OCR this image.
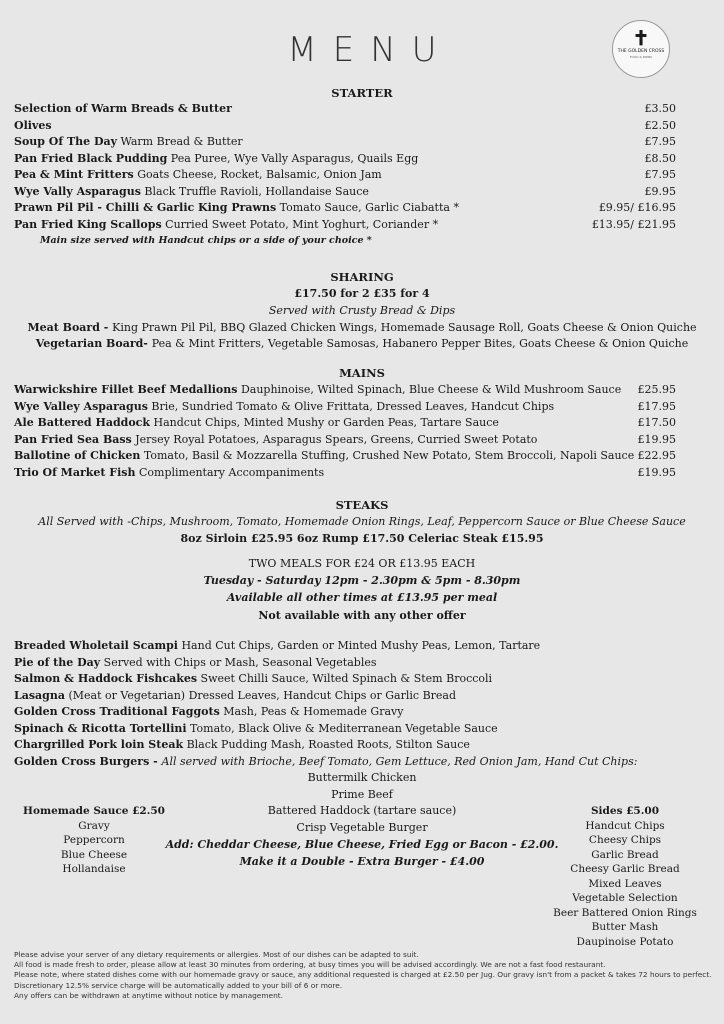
MENU	✝
THE GOLDEN CROSS
FOOD & DRINK
STARTER
Selection of Warm Breads & Butter	£3.50
Olives	£2.50
Soup Of The Day Warm Bread & Butter	£7.95
Pan Fried Black Pudding Pea Puree, Wye Vally Asparagus, Quails Egg	£8.50
Pea & Mint Fritters Goats Cheese, Rocket, Balsamic, Onion Jam	£7.95
Wye Vally Asparagus Black Truffle Ravioli, Hollandaise Sauce	£9.95
Prawn Pil Pil - Chilli & Garlic King Prawns Tomato Sauce, Garlic Ciabatta *	£9.95/ £16.95
Pan Fried King Scallops Curried Sweet Potato, Mint Yoghurt, Coriander *	£13.95/ £21.95
Main size served with Handcut chips or a side of your choice *
SHARING
£17.50 for 2 £35 for 4
Served with Crusty Bread & Dips
Meat Board - King Prawn Pil Pil, BBQ Glazed Chicken Wings, Homemade Sausage Roll, Goats Cheese & Onion Quiche
Vegetarian Board- Pea & Mint Fritters, Vegetable Samosas, Habanero Pepper Bites, Goats Cheese & Onion Quiche
MAINS
Warwickshire Fillet Beef Medallions Dauphinoise, Wilted Spinach, Blue Cheese & Wild Mushroom Sauce	£25.95
Wye Valley Asparagus Brie, Sundried Tomato & Olive Frittata, Dressed Leaves, Handcut Chips	£17.95
Ale Battered Haddock Handcut Chips, Minted Mushy or Garden Peas, Tartare Sauce	£17.50
Pan Fried Sea Bass Jersey Royal Potatoes, Asparagus Spears, Greens, Curried Sweet Potato	£19.95
Ballotine of Chicken Tomato, Basil & Mozzarella Stuffing, Crushed New Potato, Stem Broccoli, Napoli Sauce £22.95
Trio Of Market Fish Complimentary Accompaniments	£19.95
STEAKS
All Served with -Chips, Mushroom, Tomato, Homemade Onion Rings, Leaf, Peppercorn Sauce or Blue Cheese Sauce
8oz Sirloin £25.95 6oz Rump £17.50 Celeriac Steak £15.95
TWO MEALS FOR £24 OR £13.95 EACH
Tuesday - Saturday 12pm - 2.30pm & 5pm - 8.30pm
Available all other times at £13.95 per meal
Not available with any other offer
Breaded Wholetail Scampi Hand Cut Chips, Garden or Minted Mushy Peas, Lemon, Tartare
Pie of the Day Served with Chips or Mash, Seasonal Vegetables
Salmon & Haddock Fishcakes Sweet Chilli Sauce, Wilted Spinach & Stem Broccoli
Lasagna (Meat or Vegetarian) Dressed Leaves, Handcut Chips or Garlic Bread
Golden Cross Traditional Faggots Mash, Peas & Homemade Gravy
Spinach & Ricotta Tortellini Tomato, Black Olive & Mediterranean Vegetable Sauce
Chargrilled Pork loin Steak Black Pudding Mash, Roasted Roots, Stilton Sauce
Golden Cross Burgers - All served with Brioche, Beef Tomato, Gem Lettuce, Red Onion Jam, Hand Cut Chips:
Buttermilk Chicken
Prime Beef
Battered Haddock (tartare sauce)
Crisp Vegetable Burger
Add: Cheddar Cheese, Blue Cheese, Fried Egg or Bacon - £2.00.
Make it a Double - Extra Burger - £4.00
Homemade Sauce £2.50
Gravy
Peppercorn
Blue Cheese
Hollandaise
Sides £5.00
Handcut Chips
Cheesy Chips
Garlic Bread
Cheesy Garlic Bread
Mixed Leaves
Vegetable Selection
Beer Battered Onion Rings
Butter Mash
Daupinoise Potato
Please advise your server of any dietary requirements or allergies. Most of our dishes can be adapted to suit.
All food is made fresh to order, please allow at least 30 minutes from ordering, at busy times you will be advised accordingly. We are not a fast food restaurant.
Please note, where stated dishes come with our homemade gravy or sauce, any additional requested is charged at £2.50 per Jug. Our gravy isn't from a packet & takes 72 hours to perfect.
Discretionary 12.5% service charge will be automatically added to your bill of 6 or more.
Any offers can be withdrawn at anytime without notice by management.
